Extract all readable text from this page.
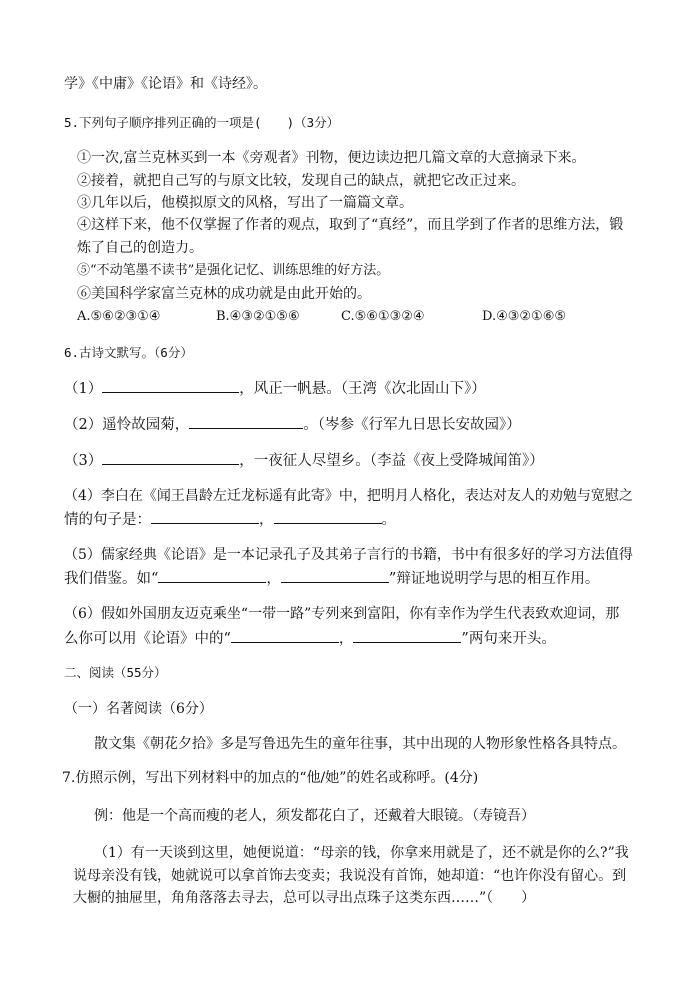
学》《中庸》《论语》和《诗经》。
5.下列句子顺序排列正确的一项是(　　)（3分）
①一次,富兰克林买到一本《旁观者》刊物，便边读边把几篇文章的大意摘录下来。
②接着，就把自己写的与原文比较，发现自己的缺点，就把它改正过来。
③几年以后，他模拟原文的风格，写出了一篇篇文章。
④这样下来，他不仅掌握了作者的观点，取到了“真经”，而且学到了作者的思维方法，锻
炼了自己的创造力。
⑤“不动笔墨不读书”是强化记忆、训练思维的好方法。
⑥美国科学家富兰克林的成功就是由此开始的。
A.⑤⑥②③①④	B.④③②①⑤⑥	C.⑤⑥①③②④	D.④③②①⑥⑤
6.古诗文默写。（6分）
（1）	，风正一帆悬。（王湾《次北固山下》）
（2）遥怜故园菊，	。（岑参《行军九日思长安故园》）
（3）	，一夜征人尽望乡。（李益《夜上受降城闻笛》）
（4）李白在《闻王昌龄左迁龙标遥有此寄》中，把明月人格化，表达对友人的劝勉与宽慰之
情的句子是：	，	。
（5）儒家经典《论语》是一本记录孔子及其弟子言行的书籍，书中有很多好的学习方法值得
我们借鉴。如“	，	”辩证地说明学与思的相互作用。
（6）假如外国朋友迈克乘坐“一带一路”专列来到富阳，你有幸作为学生代表致欢迎词，那
么你可以用《论语》中的“	，	”两句来开头。
二、阅读（55分）
（一）名著阅读（6分）
散文集《朝花夕拾》多是写鲁迅先生的童年往事，其中出现的人物形象性格各具特点。
7.仿照示例，写出下列材料中的加点的“他/她”的姓名或称呼。(4分)
例：他是一个高而瘦的老人，须发都花白了，还戴着大眼镜。（寿镜吾）
（1）有一天谈到这里，她便说道：“母亲的钱，你拿来用就是了，还不就是你的么?”我
说母亲没有钱，她就说可以拿首饰去变卖；我说没有首饰，她却道：“也许你没有留心。到
大橱的抽屉里，角角落落去寻去，总可以寻出点珠子这类东西……”（　　）
